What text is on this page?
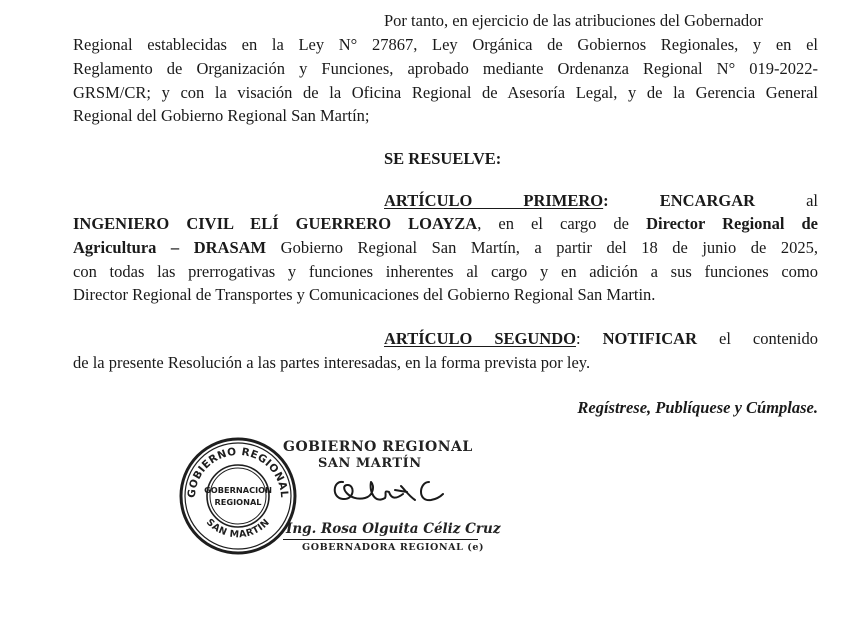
Por tanto, en ejercicio de las atribuciones del Gobernador
Regional establecidas en la Ley N° 27867, Ley Orgánica de Gobiernos Regionales, y en el
Reglamento de Organización y Funciones, aprobado mediante Ordenanza Regional N° 019-2022-
GRSM/CR; y con la visación de la Oficina Regional de Asesoría Legal, y de la Gerencia General
Regional del Gobierno Regional San Martín;
SE RESUELVE:
ARTÍCULO PRIMERO:	ENCARGAR	al
INGENIERO CIVIL ELÍ GUERRERO LOAYZA, en el cargo de Director Regional de
Agricultura – DRASAM Gobierno Regional San Martín, a partir del 18 de junio de 2025,
con todas las prerrogativas y funciones inherentes al cargo y en adición a sus funciones como
Director Regional de Transportes y Comunicaciones del Gobierno Regional San Martin.
ARTÍCULO SEGUNDO: NOTIFICAR el contenido
de la presente Resolución a las partes interesadas, en la forma prevista por ley.
Regístrese, Publíquese y Cúmplase.
GOBIERNO REGIONAL
SAN MARTIN
GOBERNACION
REGIONAL
GOBIERNO REGIONAL
SAN MARTÍN
Ing. Rosa Olguita Céliz Cruz
GOBERNADORA REGIONAL (e)
